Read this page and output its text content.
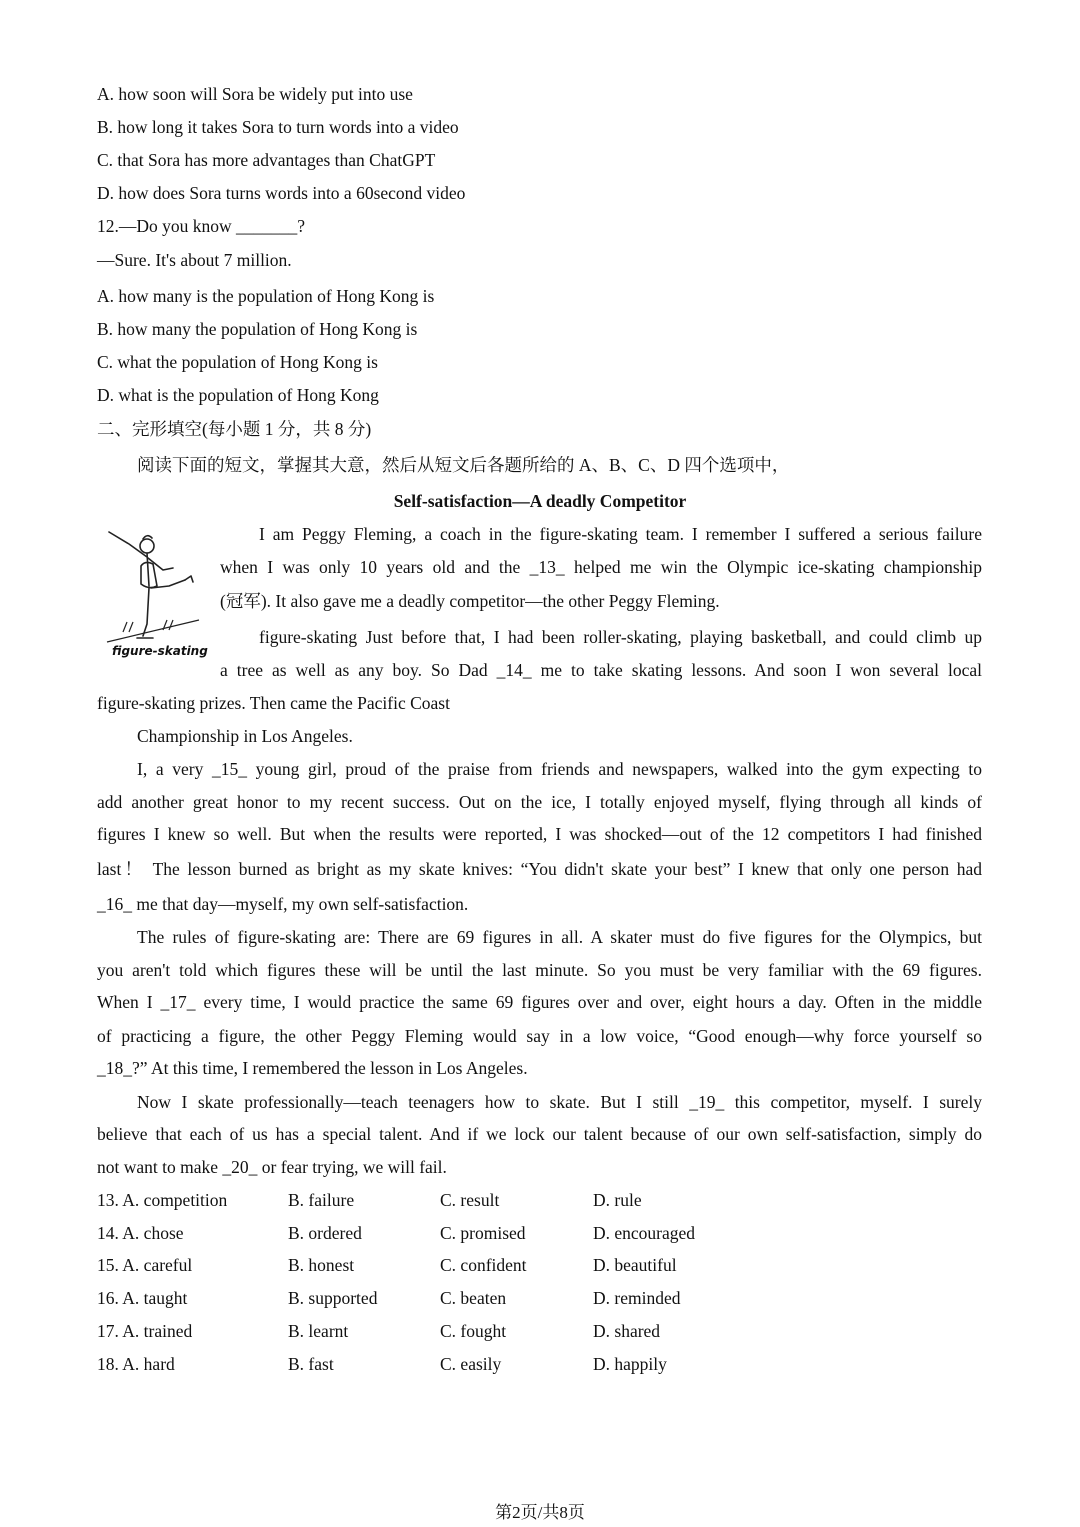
A. how soon will Sora be widely put into use
B. how long it takes Sora to turn words into a video
C. that Sora has more advantages than ChatGPT
D. how does Sora turns words into a 60second video
12.—Do you know _______?
—Sure. It's about 7 million.
A. how many is the population of Hong Kong is
B. how many the population of Hong Kong is
C. what the population of Hong Kong is
D. what is the population of Hong Kong
二、完形填空(每小题 1 分，共 8 分)
阅读下面的短文，掌握其大意，然后从短文后各题所给的 A、B、C、D 四个选项中，
Self-satisfaction—A deadly Competitor
figure-skating
I am Peggy Fleming, a coach in the figure-skating team. I remember I suffered a serious failure
when I was only 10 years old and the _13_ helped me win the Olympic ice-skating championship
(冠军). It also gave me a deadly competitor—the other Peggy Fleming.
figure-skating Just before that, I had been roller-skating, playing basketball, and could climb up
a tree as well as any boy. So Dad _14_ me to take skating lessons. And soon I won several local
figure-skating prizes. Then came the Pacific Coast
Championship in Los Angeles.
I, a very _15_ young girl, proud of the praise from friends and newspapers, walked into the gym expecting to
add another great honor to my recent success. Out on the ice, I totally enjoyed myself, flying through all kinds of
figures I knew so well. But when the results were reported, I was shocked—out of the 12 competitors I had finished
last！ The lesson burned as bright as my skate knives: “You didn't skate your best” I knew that only one person had
_16_ me that day—myself, my own self-satisfaction.
The rules of figure-skating are: There are 69 figures in all. A skater must do five figures for the Olympics, but
you aren't told which figures these will be until the last minute. So you must be very familiar with the 69 figures.
When I _17_ every time, I would practice the same 69 figures over and over, eight hours a day. Often in the middle
of practicing a figure, the other Peggy Fleming would say in a low voice, “Good enough—why force yourself so
_18_?” At this time, I remembered the lesson in Los Angeles.
Now I skate professionally—teach teenagers how to skate. But I still _19_ this competitor, myself. I surely
believe that each of us has a special talent. And if we lock our talent because of our own self-satisfaction, simply do
not want to make _20_ or fear trying, we will fail.
13. A. competition	B. failure	C. result	D. rule
14. A. chose	B. ordered	C. promised	D. encouraged
15. A. careful	B. honest	C. confident	D. beautiful
16. A. taught	B. supported	C. beaten	D. reminded
17. A. trained	B. learnt	C. fought	D. shared
18. A. hard	B. fast	C. easily	D. happily
第2页/共8页
